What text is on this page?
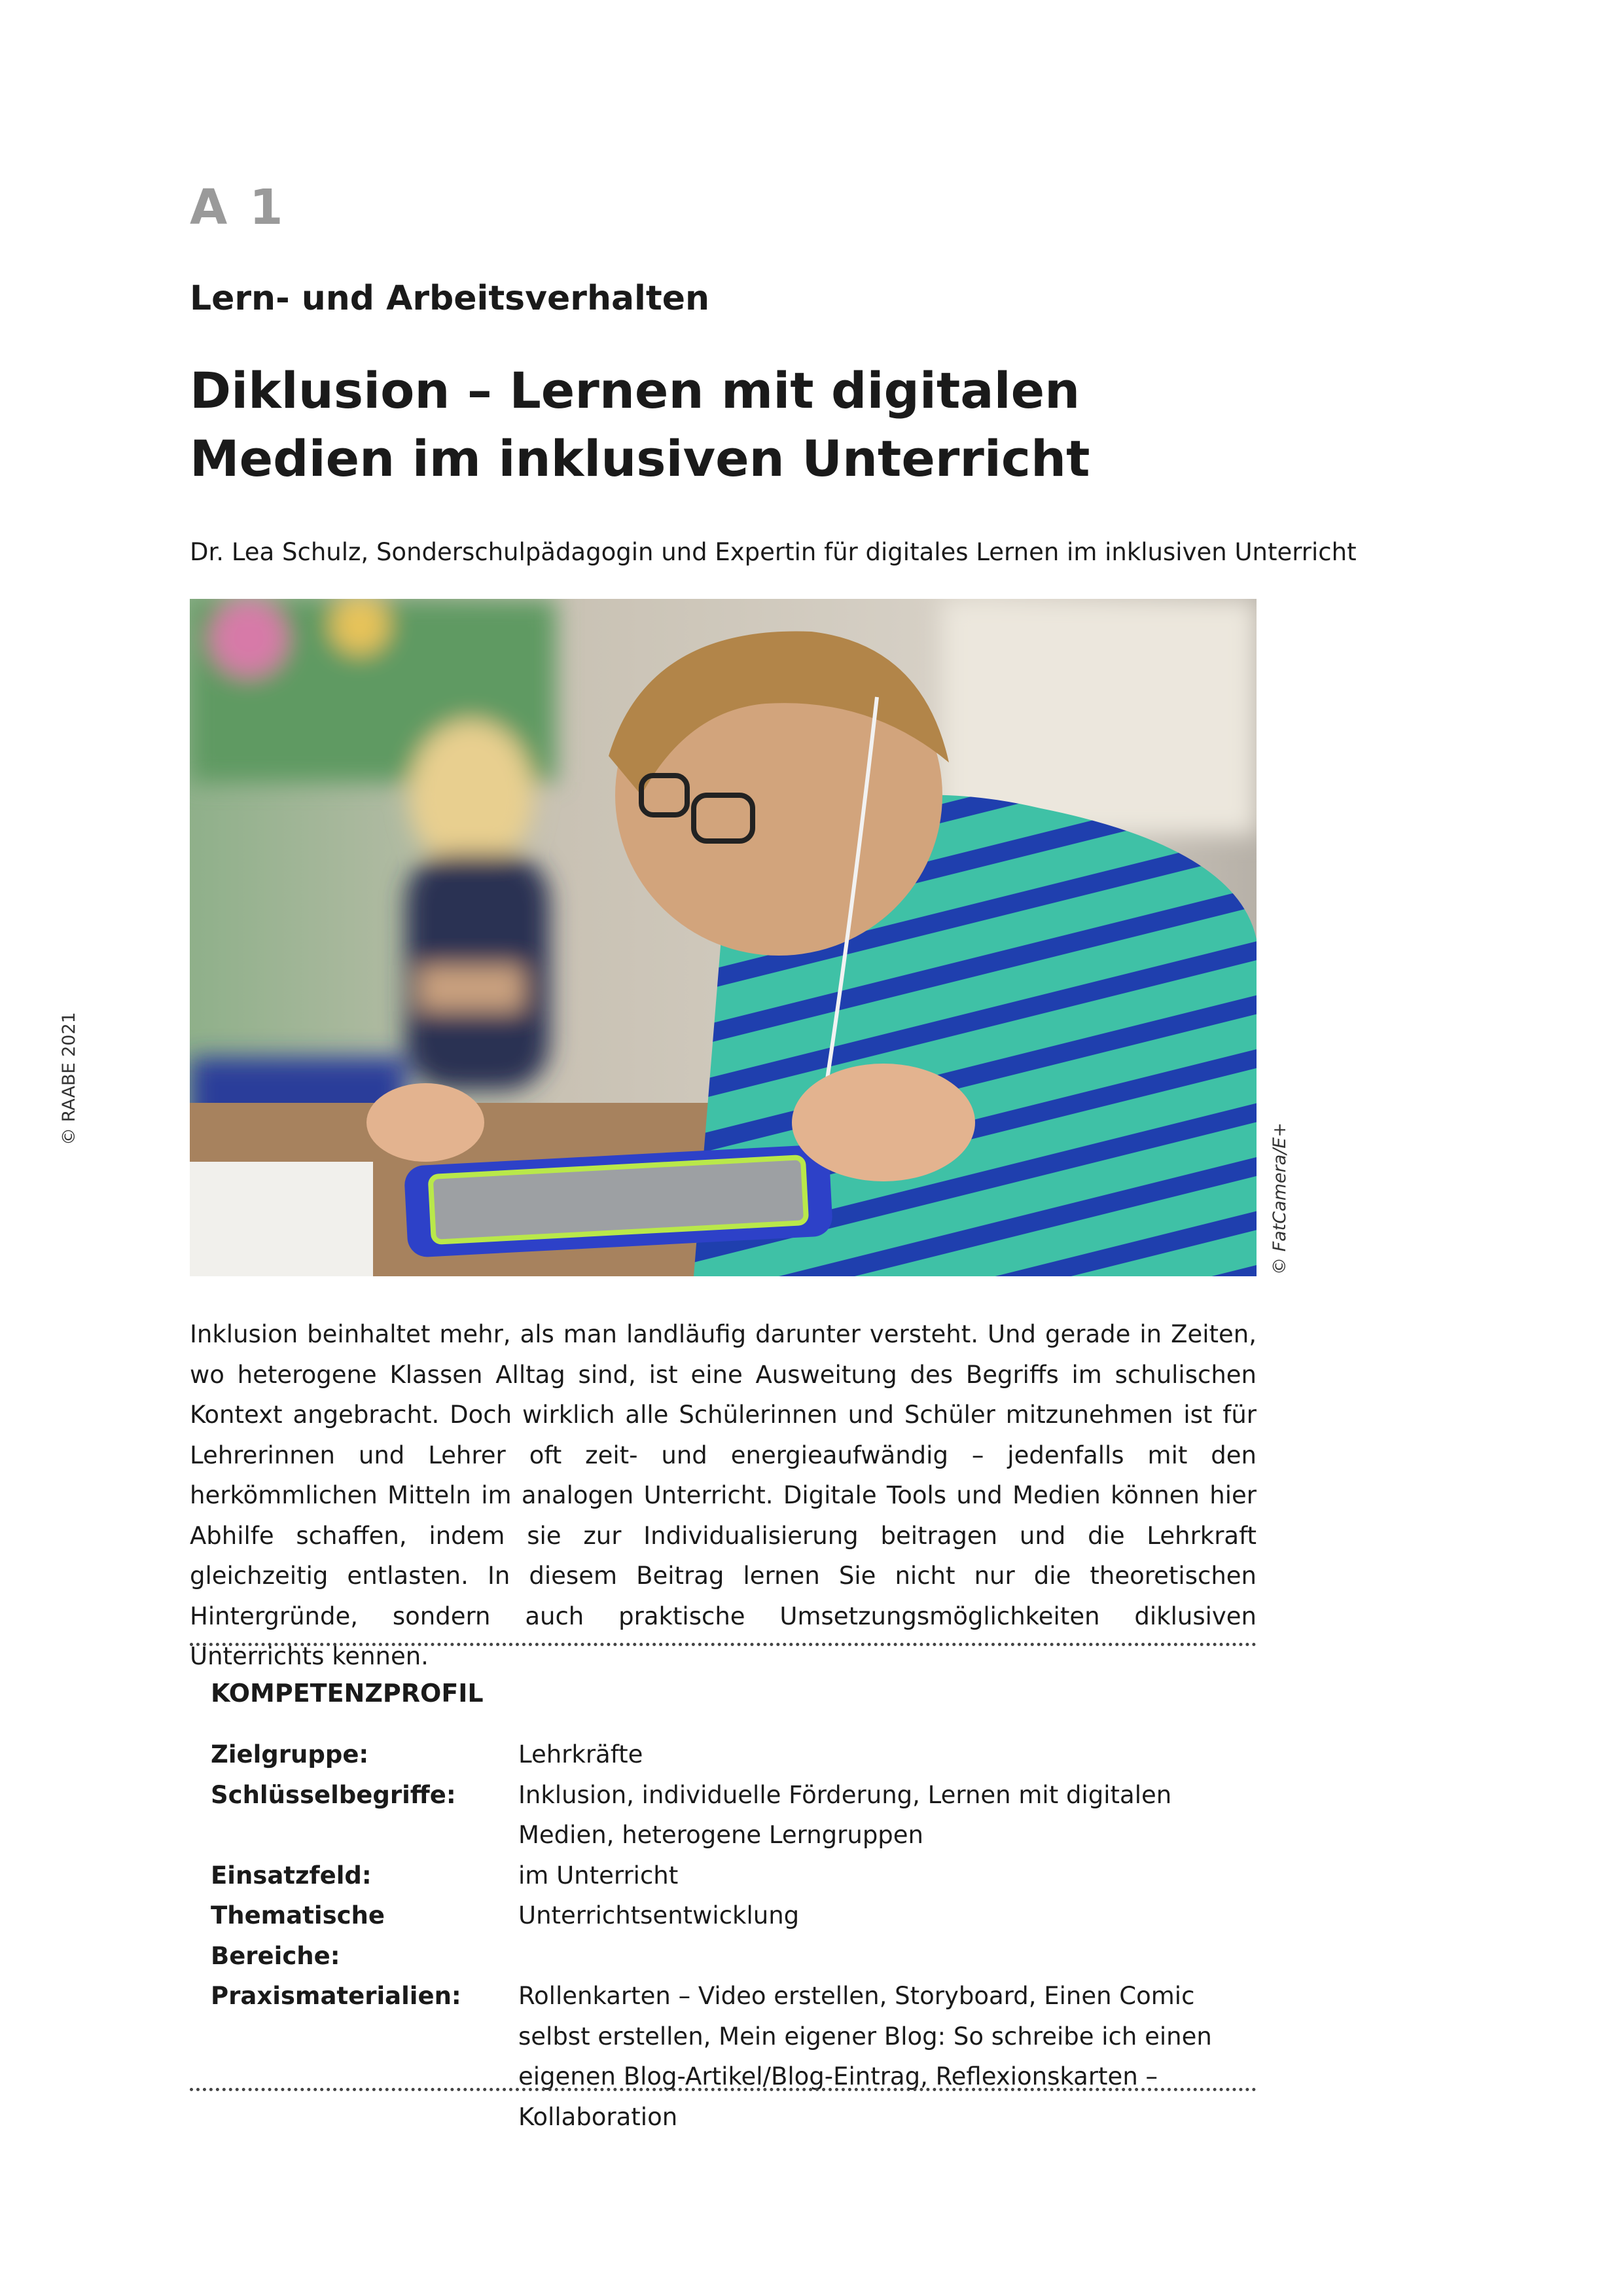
A 1
Lern- und Arbeitsverhalten
Diklusion – Lernen mit digitalen Medien im inklusiven Unterricht
Dr. Lea Schulz, Sonderschulpädagogin und Expertin für digitales Lernen im inklusiven Unterricht
© RAABE 2021
© FatCamera/E+
Inklusion beinhaltet mehr, als man landläufig darunter versteht. Und gerade in Zeiten, wo heterogene Klassen Alltag sind, ist eine Ausweitung des Begriffs im schulischen Kontext angebracht. Doch wirklich alle Schülerinnen und Schüler mitzunehmen ist für Lehrerinnen und Lehrer oft zeit- und energieaufwändig – jedenfalls mit den herkömmlichen Mitteln im analogen Unterricht. Digitale Tools und Medien können hier Abhilfe schaffen, indem sie zur Individualisierung beitragen und die Lehrkraft gleichzeitig entlasten. In diesem Beitrag lernen Sie nicht nur die theoretischen Hintergründe, sondern auch praktische Umsetzungsmöglichkeiten diklusiven Unterrichts kennen.
KOMPETENZPROFIL
Zielgruppe:	Lehrkräfte
Schlüsselbegriffe:	Inklusion, individuelle Förderung, Lernen mit digitalen Medien, heterogene Lerngruppen
Einsatzfeld:	im Unterricht
Thematische Bereiche:
Unterrichtsentwicklung
Praxismaterialien:	Rollenkarten – Video erstellen, Storyboard, Einen Comic selbst erstellen, Mein eigener Blog: So schreibe ich einen eigenen Blog-Artikel/Blog-Eintrag, Reflexionskarten – Kollaboration
